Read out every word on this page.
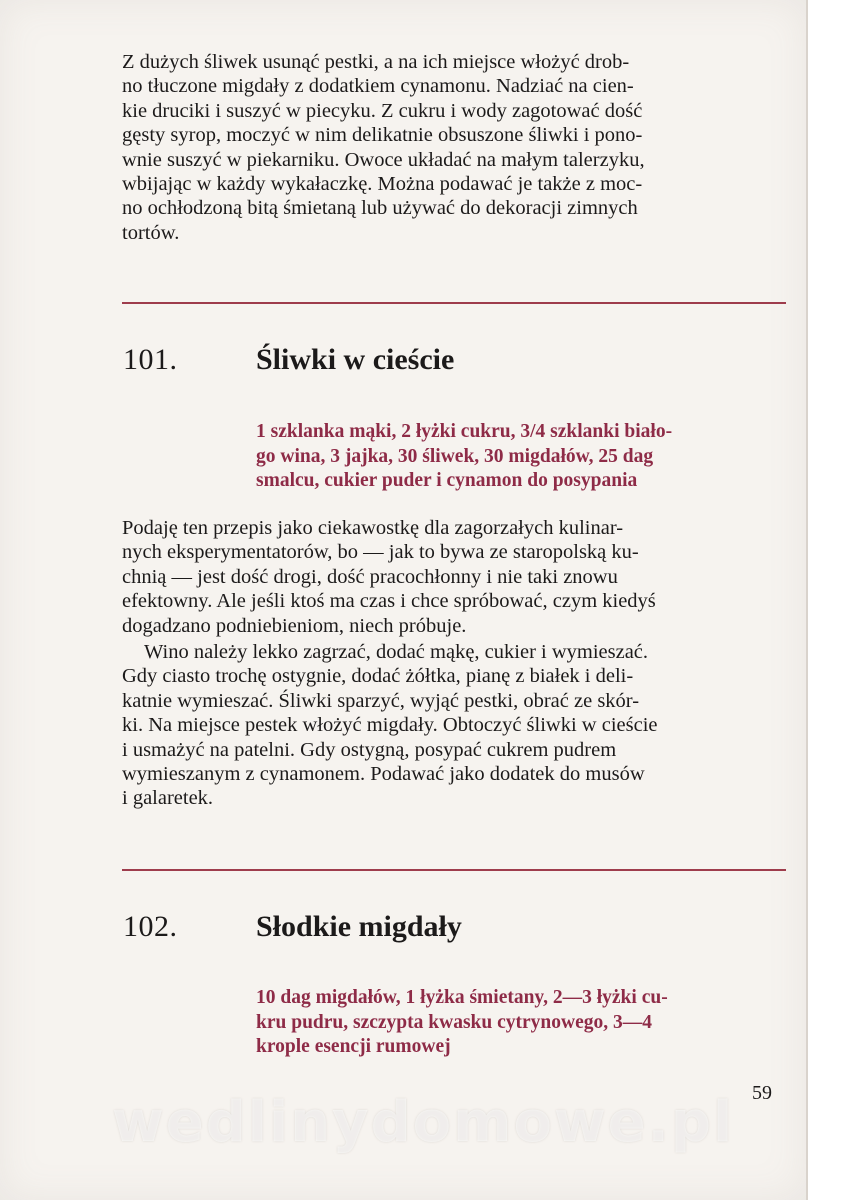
Z dużych śliwek usunąć pestki, a na ich miejsce włożyć drob-
no tłuczone migdały z dodatkiem cynamonu. Nadziać na cien-
kie druciki i suszyć w piecyku. Z cukru i wody zagotować dość
gęsty syrop, moczyć w nim delikatnie obsuszone śliwki i pono-
wnie suszyć w piekarniku. Owoce układać na małym talerzyku,
wbijając w każdy wykałaczkę. Można podawać je także z moc-
no ochłodzoną bitą śmietaną lub używać do dekoracji zimnych
tortów.

101.	Śliwki w cieście
1 szklanka mąki, 2 łyżki cukru, 3/4 szklanki biało-
go wina, 3 jajka, 30 śliwek, 30 migdałów, 25 dag
smalcu, cukier puder i cynamon do posypania

Podaję ten przepis jako ciekawostkę dla zagorzałych kulinar-
nych eksperymentatorów, bo — jak to bywa ze staropolską ku-
chnią — jest dość drogi, dość pracochłonny i nie taki znowu
efektowny. Ale jeśli ktoś ma czas i chce spróbować, czym kiedyś
dogadzano podniebieniom, niech próbuje.

Wino należy lekko zagrzać, dodać mąkę, cukier i wymieszać.
Gdy ciasto trochę ostygnie, dodać żółtka, pianę z białek i deli-
katnie wymieszać. Śliwki sparzyć, wyjąć pestki, obrać ze skór-
ki. Na miejsce pestek włożyć migdały. Obtoczyć śliwki w cieście
i usmażyć na patelni. Gdy ostygną, posypać cukrem pudrem
wymieszanym z cynamonem. Podawać jako dodatek do musów
i galaretek.

102.	Słodkie migdały
10 dag migdałów, 1 łyżka śmietany, 2—3 łyżki cu-
kru pudru, szczypta kwasku cytrynowego, 3—4
krople esencji rumowej
59
wedlinydomowe.pl
